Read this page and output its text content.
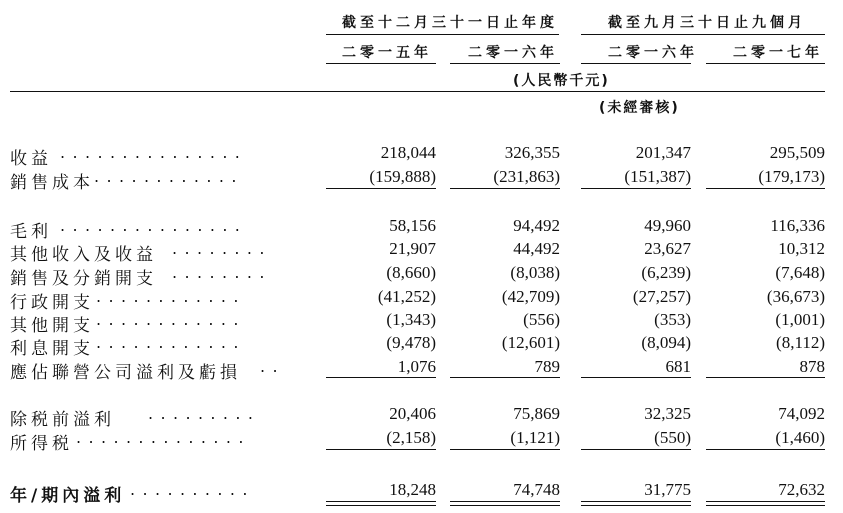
截至十二月三十一日止年度	截至九月三十日止九個月
二零一五年	二零一六年	二零一六年	二零一七年
(人民幣千元)
(未經審核)
收益 ...............	218,044	326,355	201,347	295,509
銷售成本 ............	(159,888)	(231,863)	(151,387)	(179,173)
毛利 ...............	58,156	94,492	49,960	116,336
其他收入及收益 ........	21,907	44,492	23,627	10,312
銷售及分銷開支 ........	(8,660)	(8,038)	(6,239)	(7,648)
行政開支 ............	(41,252)	(42,709)	(27,257)	(36,673)
其他開支 ............	(1,343)	(556)	(353)	(1,001)
利息開支 ............	(9,478)	(12,601)	(8,094)	(8,112)
應佔聯營公司溢利及虧損 ..	1,076	789	681	878
除税前溢利 .........	20,406	75,869	32,325	74,092
所得税 ..............	(2,158)	(1,121)	(550)	(1,460)
年/期內溢利 ..........	18,248	74,748	31,775	72,632
